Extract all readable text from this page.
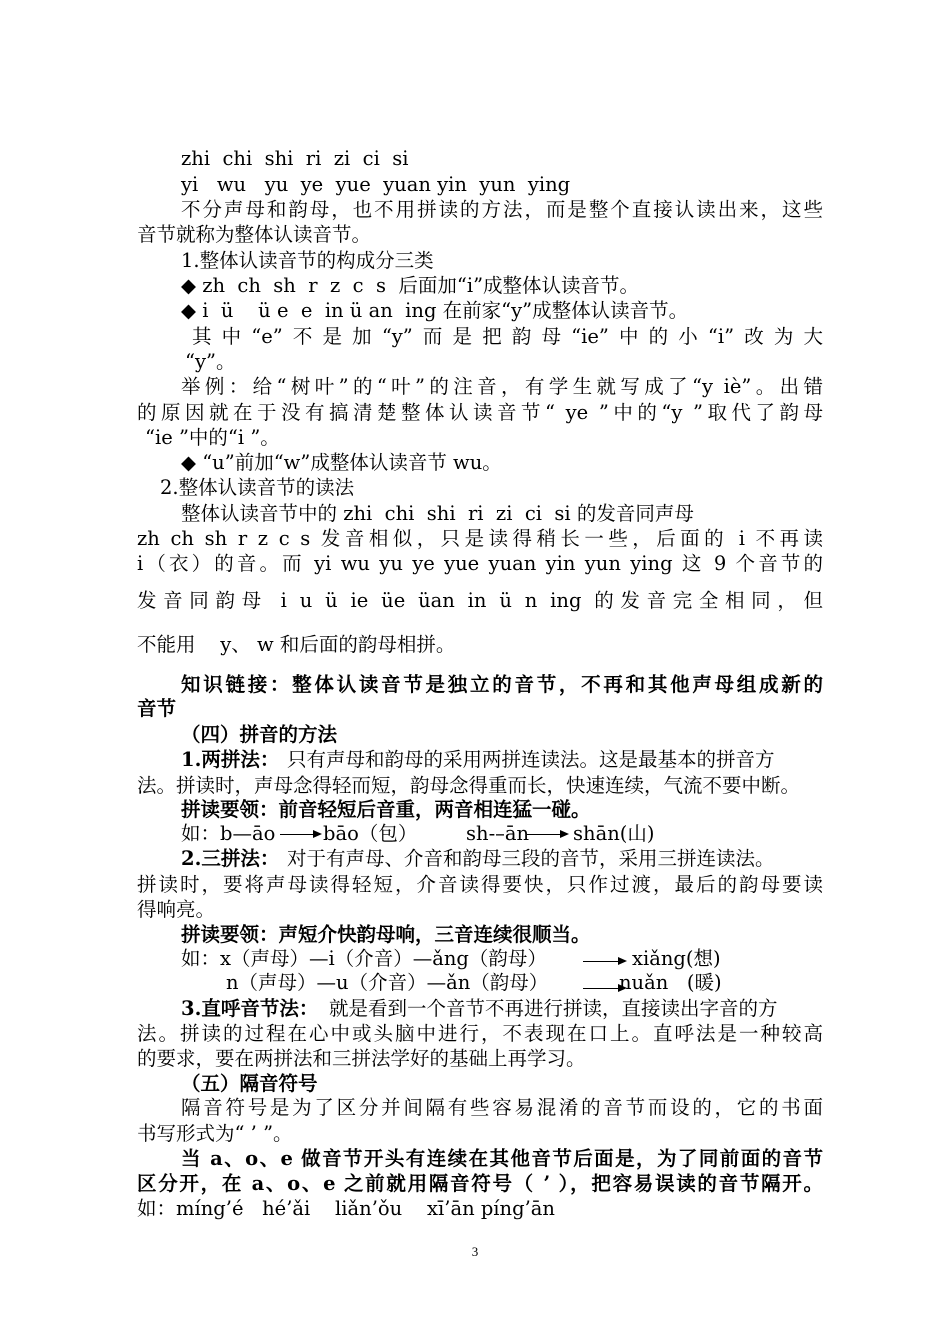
zhi  chi  shi  ri  zi  ci  si
yi   wu   yu  ye  yue  yuan yin  yun  ying
不分声母和韵母，也不用拼读的方法，而是整个直接认读出来，这些
音节就称为整体认读音节。
1.整体认读音节的构成分三类
◆ zh  ch  sh  r  z  c  s  后面加“i”成整体认读音节。
◆ i  ü    ü e  e  in ü an  ing 在前家“y”成整体认读音节。
其中“e”不是加“y”而是把韵母“ie”中的小“i”改为大
“y”。
举例：给“树叶”的“叶”的注音，有学生就写成了“y iè”。出错
的原因就在于没有搞清楚整体认读音节“ ye ”中的“y ”取代了韵母
“ie ”中的“i ”。
◆ “u”前加“w”成整体认读音节 wu。
2.整体认读音节的读法
整体认读音节中的 zhi  chi  shi  ri  zi  ci  si 的发音同声母
zh ch sh r z c s 发音相似，只是读得稍长一些，后面的 i 不再读
i（衣）的音。而 yi wu yu ye yue yuan yin yun ying 这 9 个音节的
发音同韵母 i u ü ie üe üan in ü n ing 的发音完全相同，但
不能用    y、 w 和后面的韵母相拼。
知识链接：整体认读音节是独立的音节，不再和其他声母组成新的
音节
（四）拼音的方法
1.两拼法： 只有声母和韵母的采用两拼连读法。这是最基本的拼音方
法。拼读时，声母念得轻而短，韵母念得重而长，快速连续，气流不要中断。
拼读要领：前音轻短后音重，两音相连猛一碰。
如：b—āo bāo（包） sh-–ān shān(山)
2.三拼法： 对于有声母、介音和韵母三段的音节，采用三拼连读法。
拼读时，要将声母读得轻短，介音读得要快，只作过渡，最后的韵母要读
得响亮。
拼读要领：声短介快韵母响，三音连续很顺当。
如：x（声母）—i（介音）—ǎng（韵母）	xiǎng(想)
n（声母）—u（介音）—ǎn（韵母）	nuǎn   (暖)
3.直呼音节法： 就是看到一个音节不再进行拼读，直接读出字音的方
法。拼读的过程在心中或头脑中进行，不表现在口上。直呼法是一种较高
的要求，要在两拼法和三拼法学好的基础上再学习。
（五）隔音符号
隔音符号是为了区分并间隔有些容易混淆的音节而设的，它的书面
书写形式为“ ’ ”。
当 a、o、e 做音节开头有连续在其他音节后面是，为了同前面的音节
区分开，在 a、o、e 之前就用隔音符号（ ’ ），把容易误读的音节隔开。
如：míng’é   hé’ǎi    liǎn’ǒu    xī’ān píng’ān
3
